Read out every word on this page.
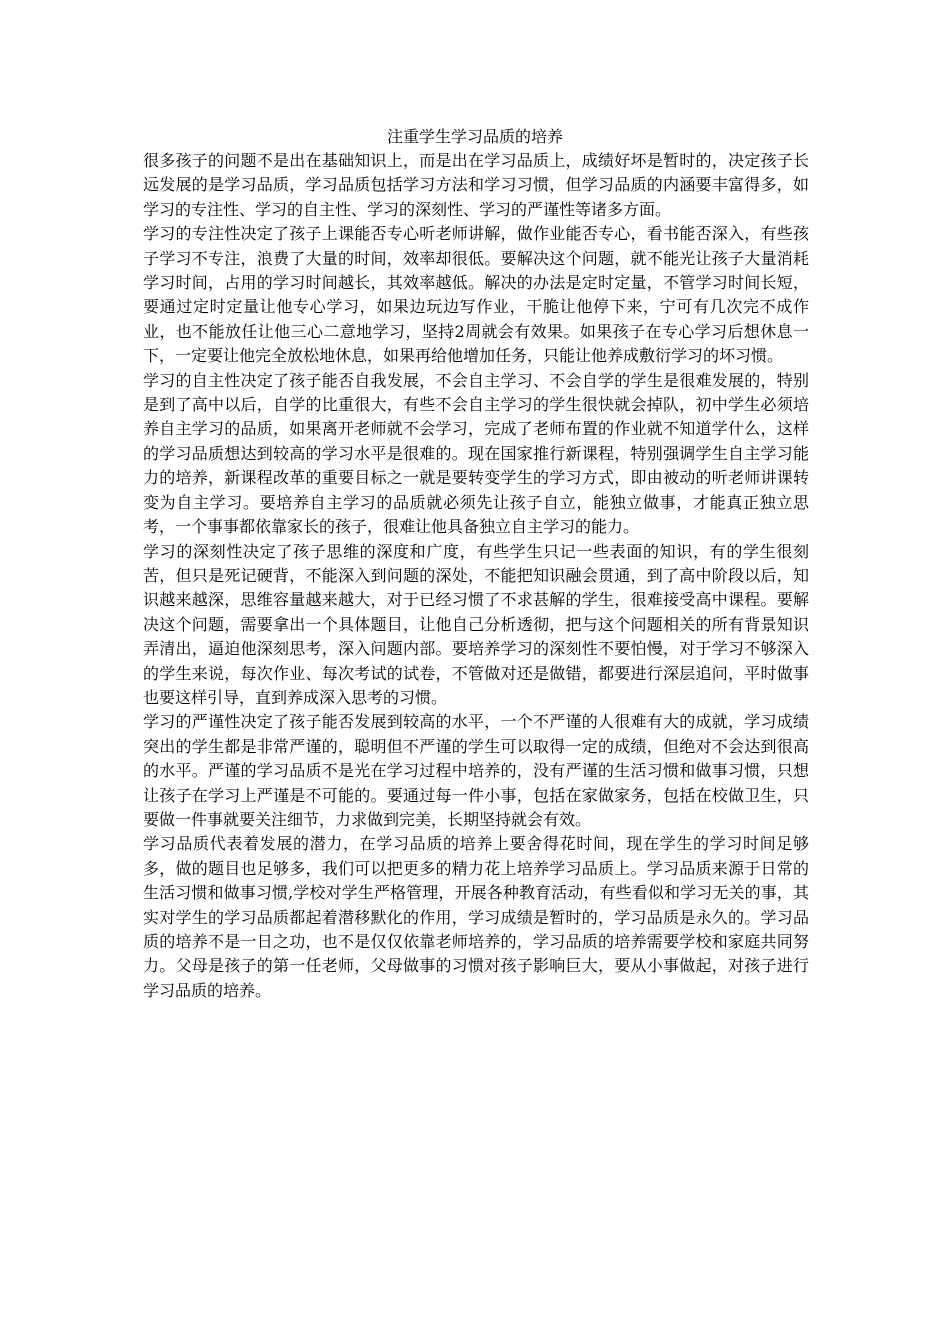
注重学生学习品质的培养

很多孩子的问题不是出在基础知识上，而是出在学习品质上，成绩好坏是暂时的，决定孩子长远发展的是学习品质，学习品质包括学习方法和学习习惯，但学习品质的内涵要丰富得多，如学习的专注性、学习的自主性、学习的深刻性、学习的严谨性等诸多方面。

学习的专注性决定了孩子上课能否专心听老师讲解，做作业能否专心，看书能否深入，有些孩子学习不专注，浪费了大量的时间，效率却很低。要解决这个问题，就不能光让孩子大量消耗学习时间，占用的学习时间越长，其效率越低。解决的办法是定时定量，不管学习时间长短，要通过定时定量让他专心学习，如果边玩边写作业，干脆让他停下来，宁可有几次完不成作业，也不能放任让他三心二意地学习，坚持2周就会有效果。如果孩子在专心学习后想休息一下，一定要让他完全放松地休息，如果再给他增加任务，只能让他养成敷衍学习的坏习惯。

学习的自主性决定了孩子能否自我发展，不会自主学习、不会自学的学生是很难发展的，特别是到了高中以后，自学的比重很大，有些不会自主学习的学生很快就会掉队，初中学生必须培养自主学习的品质，如果离开老师就不会学习，完成了老师布置的作业就不知道学什么，这样的学习品质想达到较高的学习水平是很难的。现在国家推行新课程，特别强调学生自主学习能力的培养，新课程改革的重要目标之一就是要转变学生的学习方式，即由被动的听老师讲课转变为自主学习。要培养自主学习的品质就必须先让孩子自立，能独立做事，才能真正独立思考，一个事事都依靠家长的孩子，很难让他具备独立自主学习的能力。

学习的深刻性决定了孩子思维的深度和广度，有些学生只记一些表面的知识，有的学生很刻苦，但只是死记硬背，不能深入到问题的深处，不能把知识融会贯通，到了高中阶段以后，知识越来越深，思维容量越来越大，对于已经习惯了不求甚解的学生，很难接受高中课程。要解决这个问题，需要拿出一个具体题目，让他自己分析透彻，把与这个问题相关的所有背景知识弄清出，逼迫他深刻思考，深入问题内部。要培养学习的深刻性不要怕慢，对于学习不够深入的学生来说，每次作业、每次考试的试卷，不管做对还是做错，都要进行深层追问，平时做事也要这样引导，直到养成深入思考的习惯。

学习的严谨性决定了孩子能否发展到较高的水平，一个不严谨的人很难有大的成就，学习成绩突出的学生都是非常严谨的，聪明但不严谨的学生可以取得一定的成绩，但绝对不会达到很高的水平。严谨的学习品质不是光在学习过程中培养的，没有严谨的生活习惯和做事习惯，只想让孩子在学习上严谨是不可能的。要通过每一件小事，包括在家做家务，包括在校做卫生，只要做一件事就要关注细节，力求做到完美，长期坚持就会有效。

学习品质代表着发展的潜力，在学习品质的培养上要舍得花时间，现在学生的学习时间足够多，做的题目也足够多，我们可以把更多的精力花上培养学习品质上。学习品质来源于日常的生活习惯和做事习惯,学校对学生严格管理，开展各种教育活动，有些看似和学习无关的事，其实对学生的学习品质都起着潜移默化的作用，学习成绩是暂时的，学习品质是永久的。学习品质的培养不是一日之功，也不是仅仅依靠老师培养的，学习品质的培养需要学校和家庭共同努力。父母是孩子的第一任老师，父母做事的习惯对孩子影响巨大，要从小事做起，对孩子进行学习品质的培养。
